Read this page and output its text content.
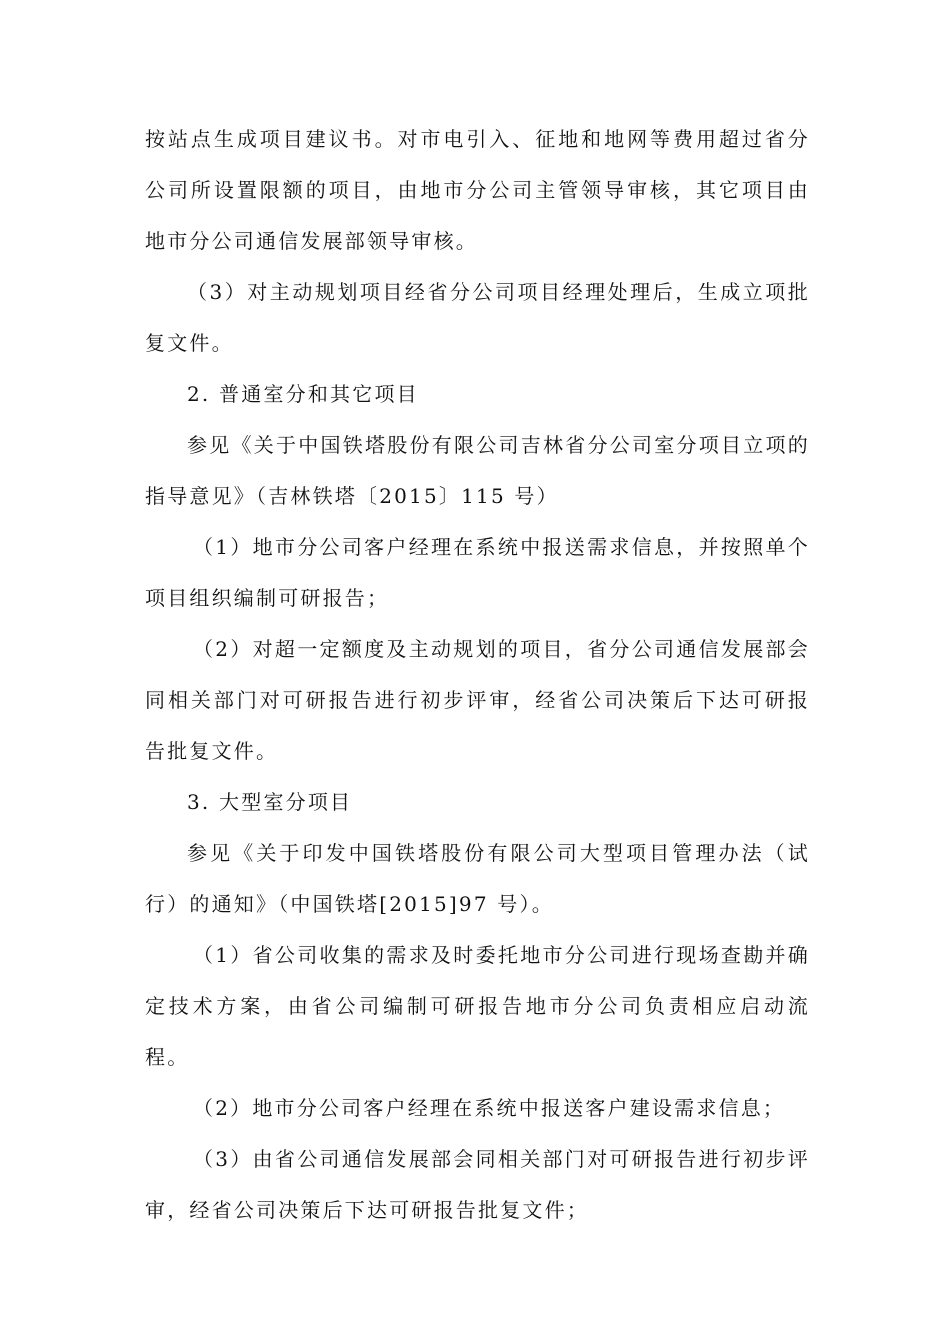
按站点生成项目建议书。对市电引入、征地和地网等费用超过省分公司所设置限额的项目，由地市分公司主管领导审核，其它项目由地市分公司通信发展部领导审核。

（3）对主动规划项目经省分公司项目经理处理后，生成立项批复文件。

2. 普通室分和其它项目

参见《关于中国铁塔股份有限公司吉林省分公司室分项目立项的指导意见》（吉林铁塔〔2015〕115 号）

（1）地市分公司客户经理在系统中报送需求信息，并按照单个项目组织编制可研报告；

（2）对超一定额度及主动规划的项目，省分公司通信发展部会同相关部门对可研报告进行初步评审，经省公司决策后下达可研报告批复文件。

3. 大型室分项目

参见《关于印发中国铁塔股份有限公司大型项目管理办法（试行）的通知》（中国铁塔[2015]97 号）。

（1）省公司收集的需求及时委托地市分公司进行现场查勘并确定技术方案，由省公司编制可研报告地市分公司负责相应启动流程。

（2）地市分公司客户经理在系统中报送客户建设需求信息；

（3）由省公司通信发展部会同相关部门对可研报告进行初步评审，经省公司决策后下达可研报告批复文件；
